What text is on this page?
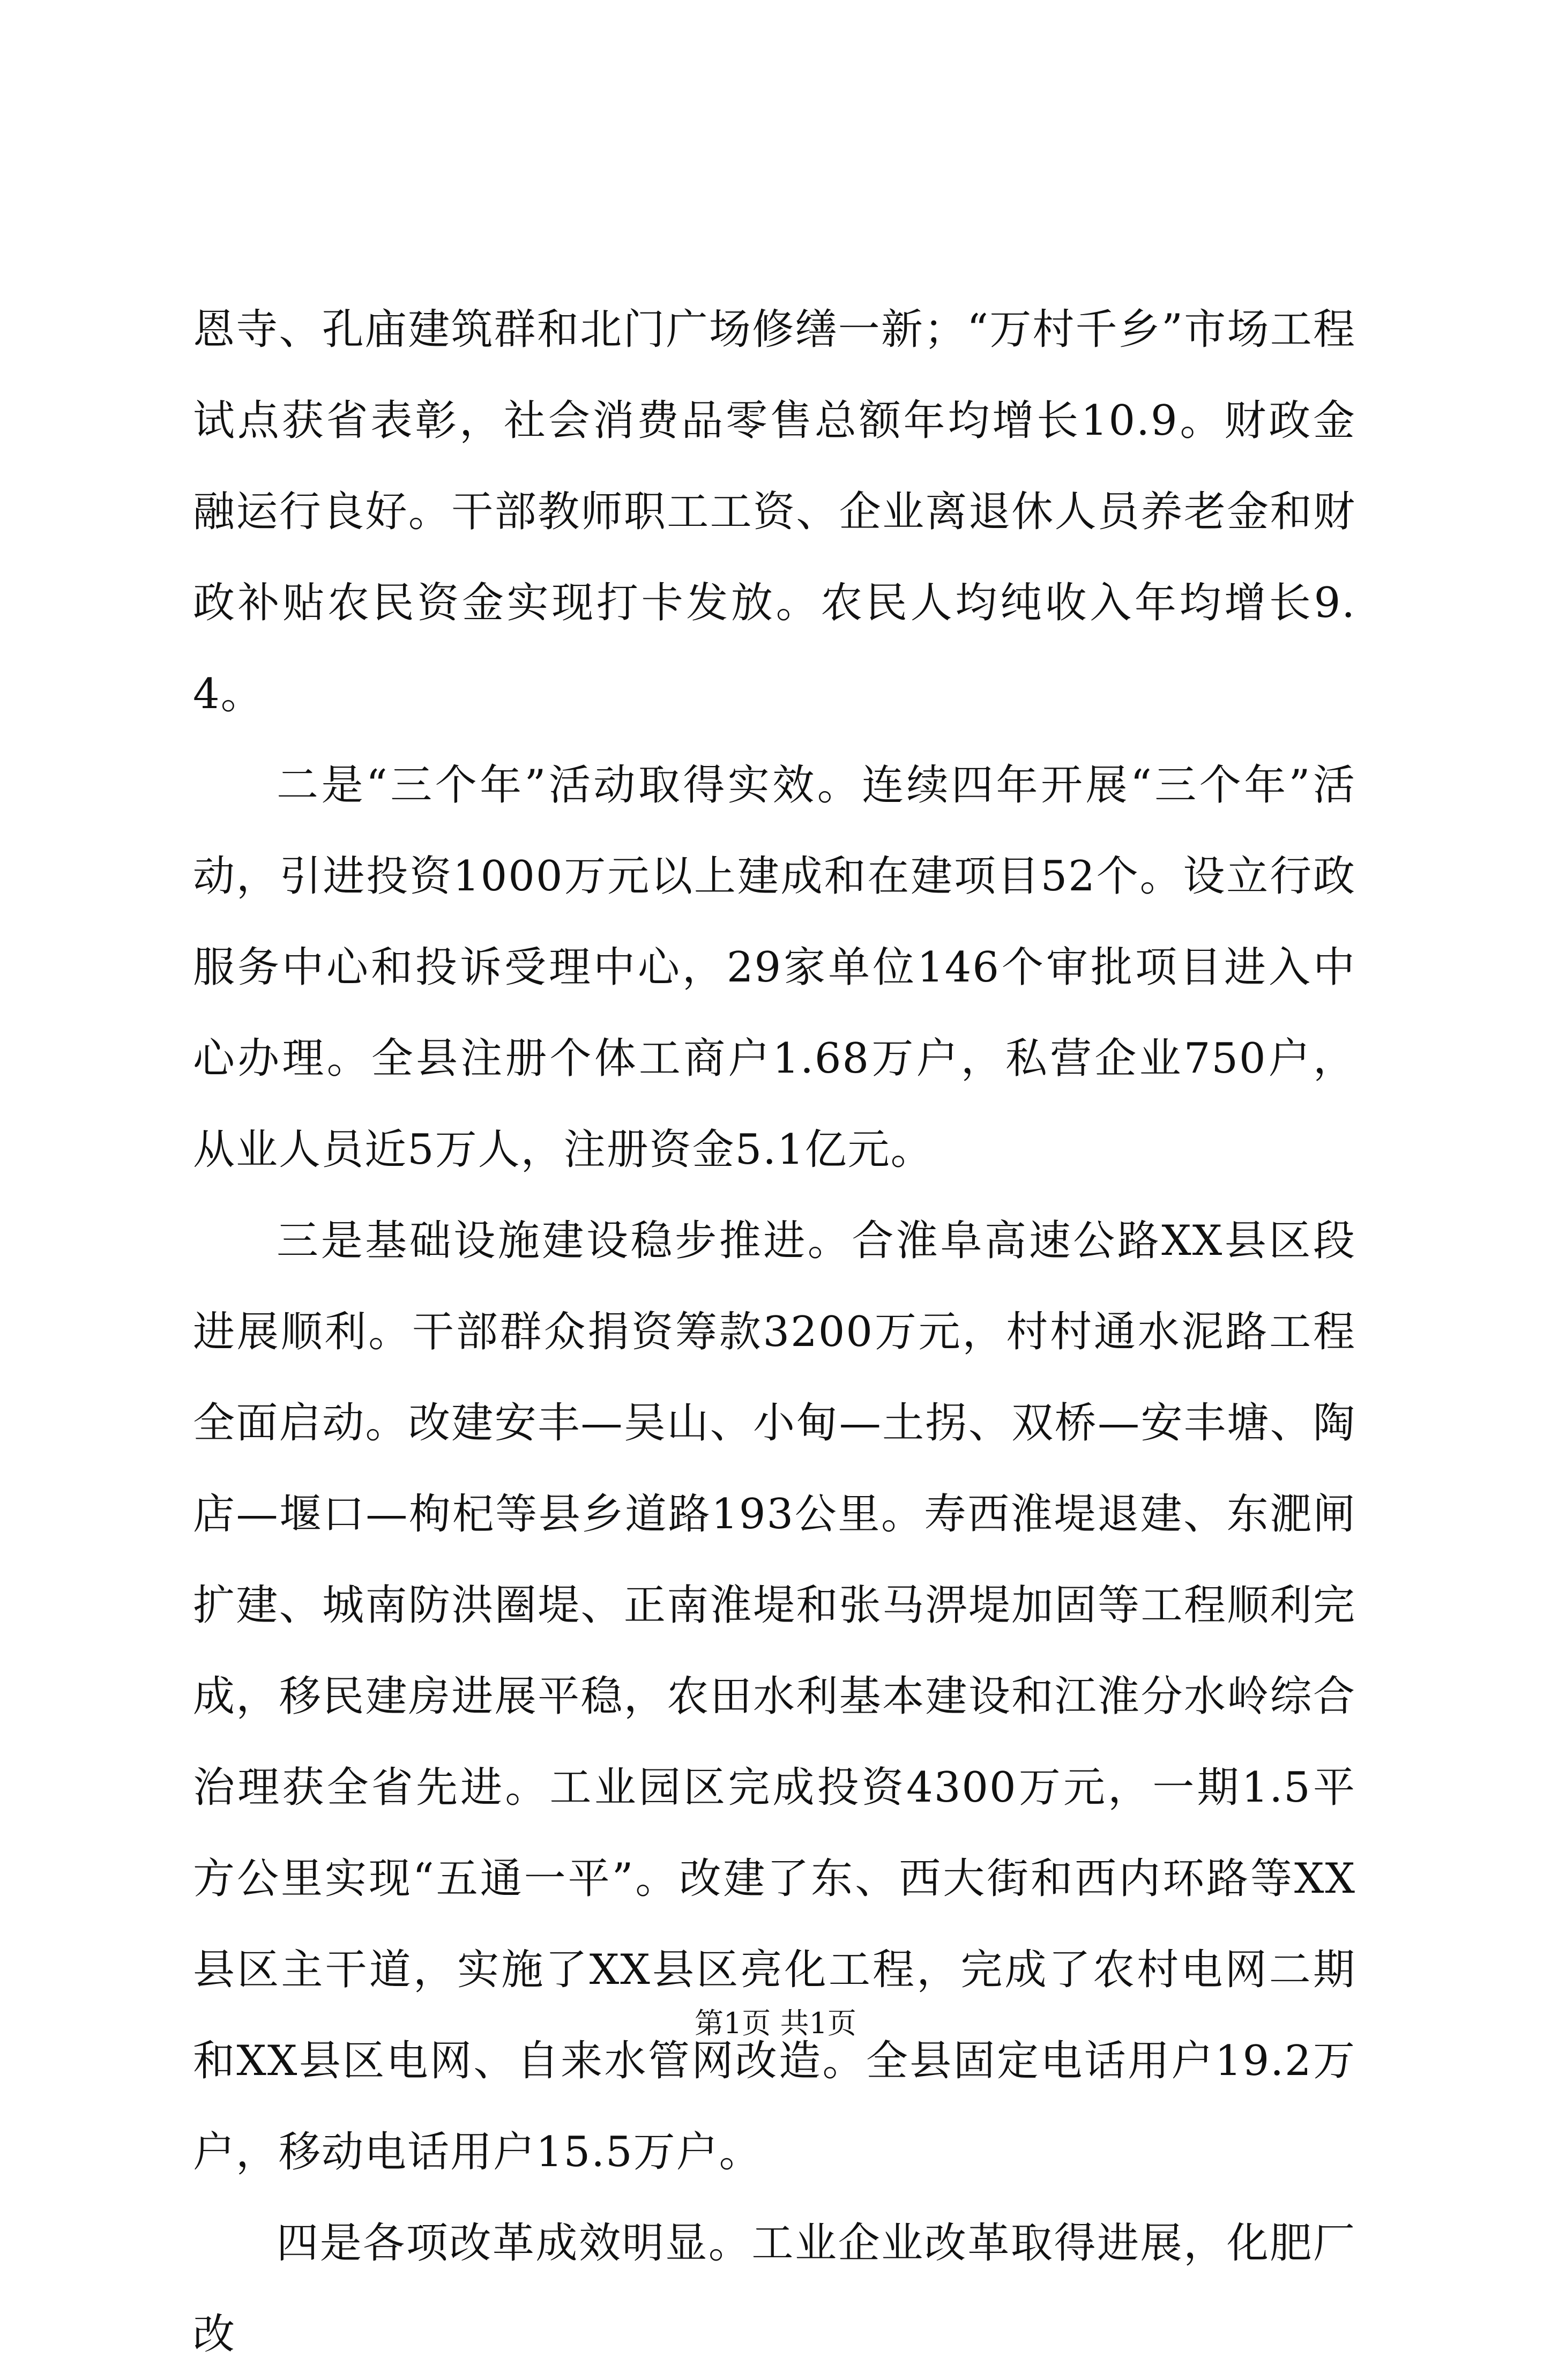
恩寺、孔庙建筑群和北门广场修缮一新；“万村千乡”市场工程试点获省表彰，社会消费品零售总额年均增长10.9。财政金融运行良好。干部教师职工工资、企业离退休人员养老金和财政补贴农民资金实现打卡发放。农民人均纯收入年均增长9.4。

二是“三个年”活动取得实效。连续四年开展“三个年”活动，引进投资1000万元以上建成和在建项目52个。设立行政服务中心和投诉受理中心，29家单位146个审批项目进入中心办理。全县注册个体工商户1.68万户，私营企业750户，从业人员近5万人，注册资金5.1亿元。

三是基础设施建设稳步推进。合淮阜高速公路XX县区段进展顺利。干部群众捐资筹款3200万元，村村通水泥路工程全面启动。改建安丰—吴山、小甸—土拐、双桥—安丰塘、陶店—堰口—枸杞等县乡道路193公里。寿西淮堤退建、东淝闸扩建、城南防洪圈堤、正南淮堤和张马淠堤加固等工程顺利完成，移民建房进展平稳，农田水利基本建设和江淮分水岭综合治理获全省先进。工业园区完成投资4300万元，一期1.5平方公里实现“五通一平”。改建了东、西大街和西内环路等XX县区主干道，实施了XX县区亮化工程，完成了农村电网二期和XX县区电网、自来水管网改造。全县固定电话用户19.2万户，移动电话用户15.5万户。

四是各项改革成效明显。工业企业改革取得进展，化肥厂改

第1页 共1页
